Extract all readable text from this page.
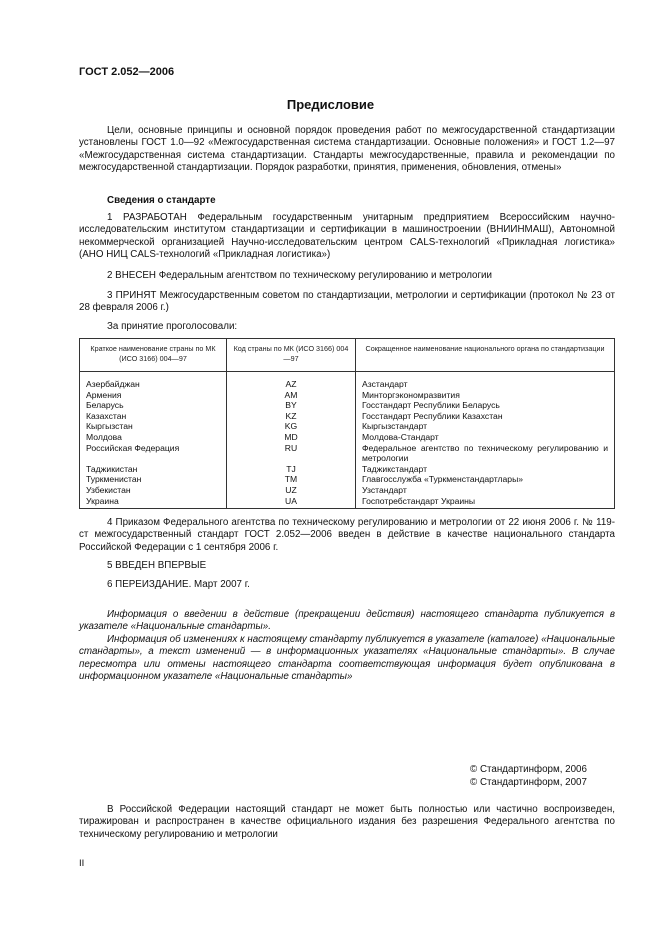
ГОСТ 2.052—2006
Предисловие
Цели, основные принципы и основной порядок проведения работ по межгосударственной стандартизации установлены ГОСТ 1.0—92 «Межгосударственная система стандартизации. Основные положения» и ГОСТ 1.2—97 «Межгосударственная система стандартизации. Стандарты межгосударственные, правила и рекомендации по межгосударственной стандартизации. Порядок разработки, принятия, применения, обновления, отмены»
Сведения о стандарте
1 РАЗРАБОТАН Федеральным государственным унитарным предприятием Всероссийским научно-исследовательским институтом стандартизации и сертификации в машиностроении (ВНИИНМАШ), Автономной некоммерческой организацией Научно-исследовательским центром CALS-технологий «Прикладная логистика» (АНО НИЦ CALS-технологий «Прикладная логистика»)
2 ВНЕСЕН Федеральным агентством по техническому регулированию и метрологии
3 ПРИНЯТ Межгосударственным советом по стандартизации, метрологии и сертификации (протокол № 23 от 28 февраля 2006 г.)
За принятие проголосовали:
Краткое наименование страны по МК (ИСО 3166) 004—97	Код страны по МК (ИСО 3166) 004—97	Сокращенное наименование национального органа по стандартизации
Азербайджан	AZ	Азстандарт
Армения	AM	Минторгэкономразвития
Беларусь	BY	Госстандарт Республики Беларусь
Казахстан	KZ	Госстандарт Республики Казахстан
Кыргызстан	KG	Кыргызстандарт
Молдова	MD	Молдова-Стандарт
Российская Федерация	RU	Федеральное агентство по техническому регулированию и метрологии
Таджикистан	TJ	Таджикстандарт
Туркменистан	TM	Главгосслужба «Туркменстандартлары»
Узбекистан	UZ	Узстандарт
Украина	UA	Госпотребстандарт Украины
4 Приказом Федерального агентства по техническому регулированию и метрологии от 22 июня 2006 г. № 119-ст межгосударственный стандарт ГОСТ 2.052—2006 введен в действие в качестве национального стандарта Российской Федерации с 1 сентября 2006 г.
5 ВВЕДЕН ВПЕРВЫЕ
6 ПЕРЕИЗДАНИЕ. Март 2007 г.
Информация о введении в действие (прекращении действия) настоящего стандарта публикуется в указателе «Национальные стандарты».
Информация об изменениях к настоящему стандарту публикуется в указателе (каталоге) «Национальные стандарты», а текст изменений — в информационных указателях «Национальные стандарты». В случае пересмотра или отмены настоящего стандарта соответствующая информация будет опубликована в информационном указателе «Национальные стандарты»
© Стандартинформ, 2006
© Стандартинформ, 2007
В Российской Федерации настоящий стандарт не может быть полностью или частично воспроизведен, тиражирован и распространен в качестве официального издания без разрешения Федерального агентства по техническому регулированию и метрологии
II
